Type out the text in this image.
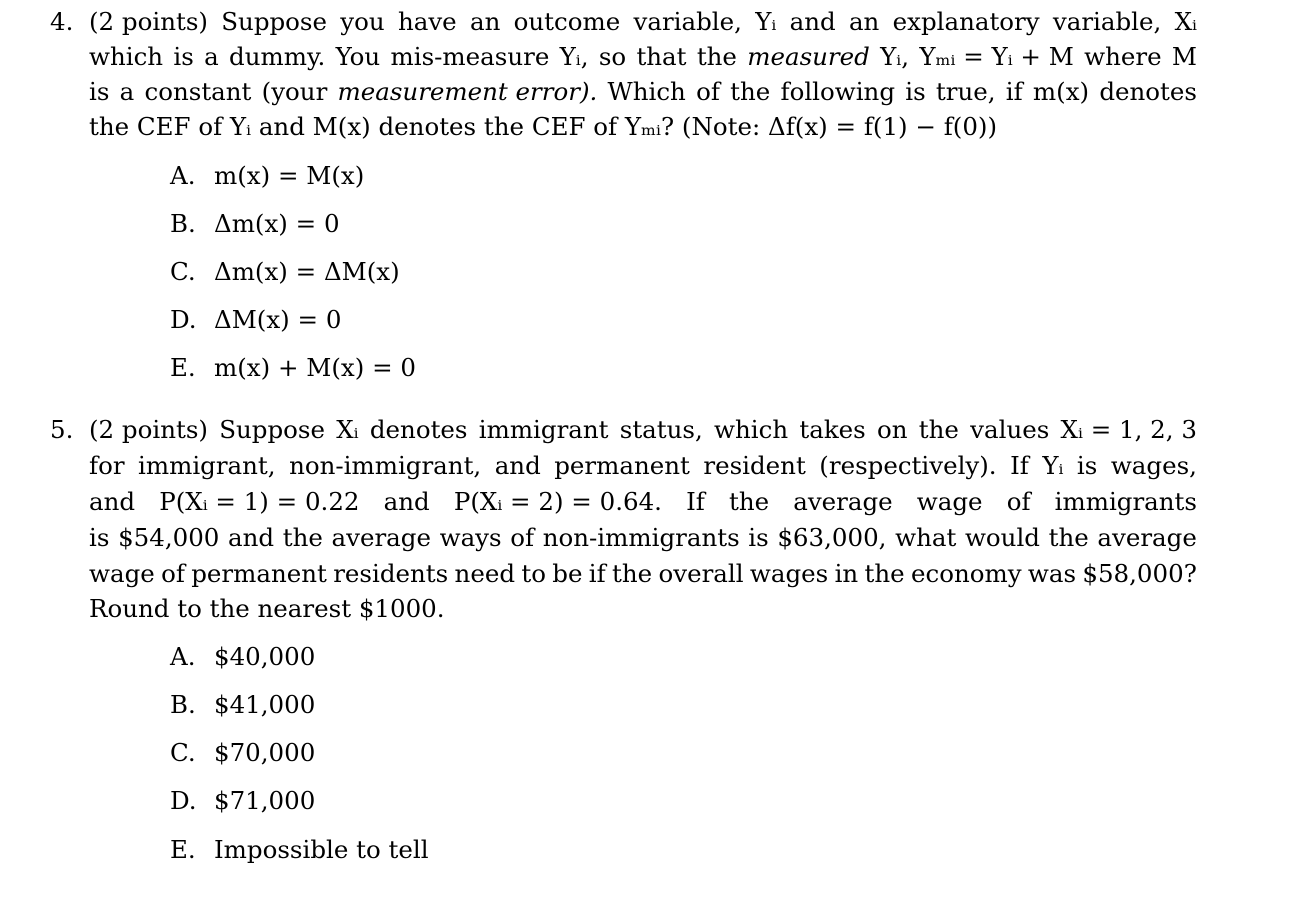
4. (2 points) Suppose you have an outcome variable, Yᵢ and an explanatory variable, Xᵢ
which is a dummy. You mis-measure Yᵢ, so that the measured Yᵢ, Yₘᵢ = Yᵢ + M where M
is a constant (your measurement error). Which of the following is true, if m(x) denotes
the CEF of Yᵢ and M(x) denotes the CEF of Yₘᵢ? (Note: Δf(x) = f(1) − f(0))
A. m(x) = M(x)
B. Δm(x) = 0
C. Δm(x) = ΔM(x)
D. ΔM(x) = 0
E. m(x) + M(x) = 0
5. (2 points) Suppose Xᵢ denotes immigrant status, which takes on the values Xᵢ = 1, 2, 3
for immigrant, non-immigrant, and permanent resident (respectively). If Yᵢ is wages,
and P(Xᵢ = 1) = 0.22 and P(Xᵢ = 2) = 0.64. If the average wage of immigrants
is $54,000 and the average ways of non-immigrants is $63,000, what would the average
wage of permanent residents need to be if the overall wages in the economy was $58,000?
Round to the nearest $1000.
A. $40,000
B. $41,000
C. $70,000
D. $71,000
E. Impossible to tell
